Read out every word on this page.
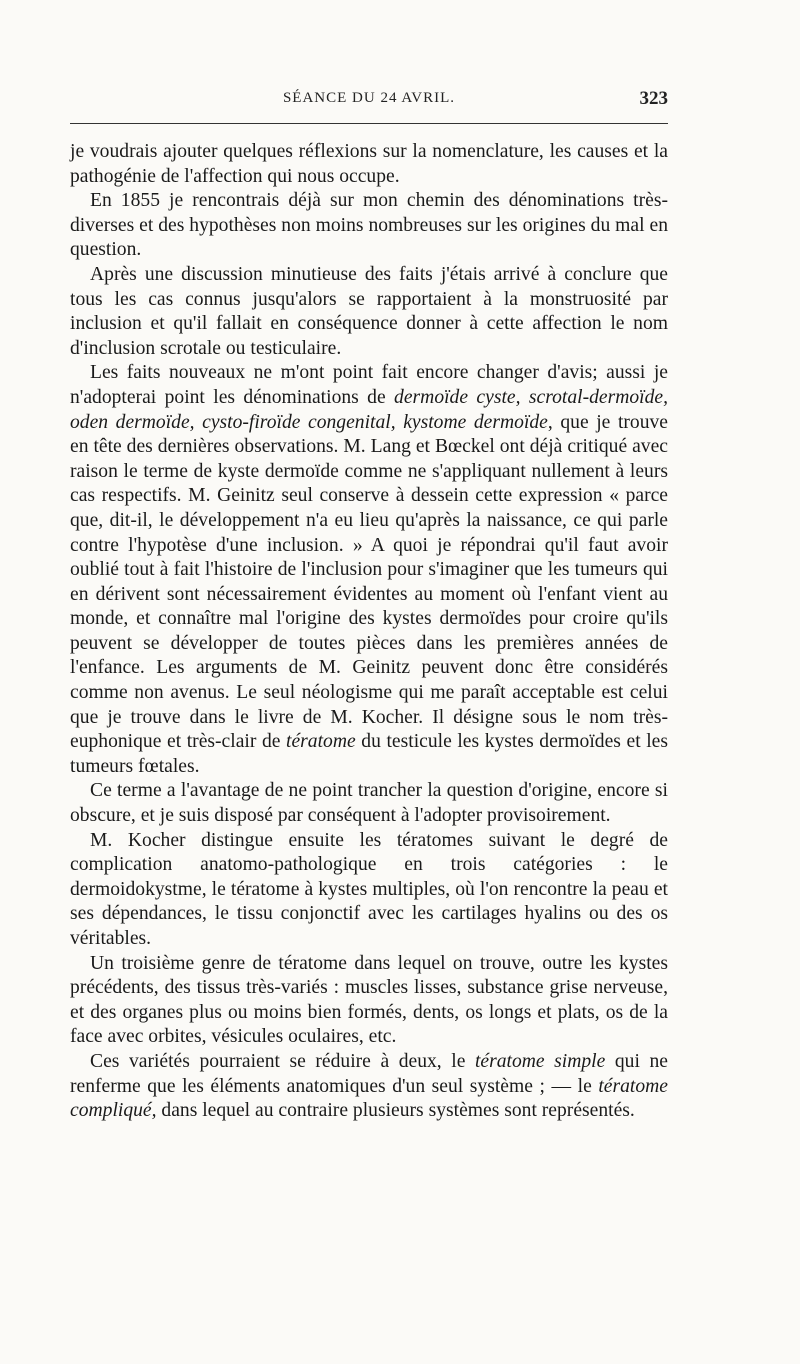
SÉANCE DU 24 AVRIL.	323

je voudrais ajouter quelques réflexions sur la nomenclature, les causes et la pathogénie de l'affection qui nous occupe.

En 1855 je rencontrais déjà sur mon chemin des dénominations très-diverses et des hypothèses non moins nombreuses sur les origines du mal en question.

Après une discussion minutieuse des faits j'étais arrivé à conclure que tous les cas connus jusqu'alors se rapportaient à la monstruosité par inclusion et qu'il fallait en conséquence donner à cette affection le nom d'inclusion scrotale ou testiculaire.

Les faits nouveaux ne m'ont point fait encore changer d'avis; aussi je n'adopterai point les dénominations de dermoïde cyste, scrotal-dermoïde, oden dermoïde, cysto-firoïde congenital, kystome dermoïde, que je trouve en tête des dernières observations. M. Lang et Bœckel ont déjà critiqué avec raison le terme de kyste dermoïde comme ne s'appliquant nullement à leurs cas respectifs. M. Geinitz seul conserve à dessein cette expression « parce que, dit-il, le développement n'a eu lieu qu'après la naissance, ce qui parle contre l'hypotèse d'une inclusion. » A quoi je répondrai qu'il faut avoir oublié tout à fait l'histoire de l'inclusion pour s'imaginer que les tumeurs qui en dérivent sont nécessairement évidentes au moment où l'enfant vient au monde, et connaître mal l'origine des kystes dermoïdes pour croire qu'ils peuvent se développer de toutes pièces dans les premières années de l'enfance. Les arguments de M. Geinitz peuvent donc être considérés comme non avenus. Le seul néologisme qui me paraît acceptable est celui que je trouve dans le livre de M. Kocher. Il désigne sous le nom très-euphonique et très-clair de tératome du testicule les kystes dermoïdes et les tumeurs fœtales.

Ce terme a l'avantage de ne point trancher la question d'origine, encore si obscure, et je suis disposé par conséquent à l'adopter provisoirement.

M. Kocher distingue ensuite les tératomes suivant le degré de complication anatomo-pathologique en trois catégories : le dermoidokystme, le tératome à kystes multiples, où l'on rencontre la peau et ses dépendances, le tissu conjonctif avec les cartilages hyalins ou des os véritables.

Un troisième genre de tératome dans lequel on trouve, outre les kystes précédents, des tissus très-variés : muscles lisses, substance grise nerveuse, et des organes plus ou moins bien formés, dents, os longs et plats, os de la face avec orbites, vésicules oculaires, etc.

Ces variétés pourraient se réduire à deux, le tératome simple qui ne renferme que les éléments anatomiques d'un seul système ; — le tératome compliqué, dans lequel au contraire plusieurs systèmes sont représentés.
